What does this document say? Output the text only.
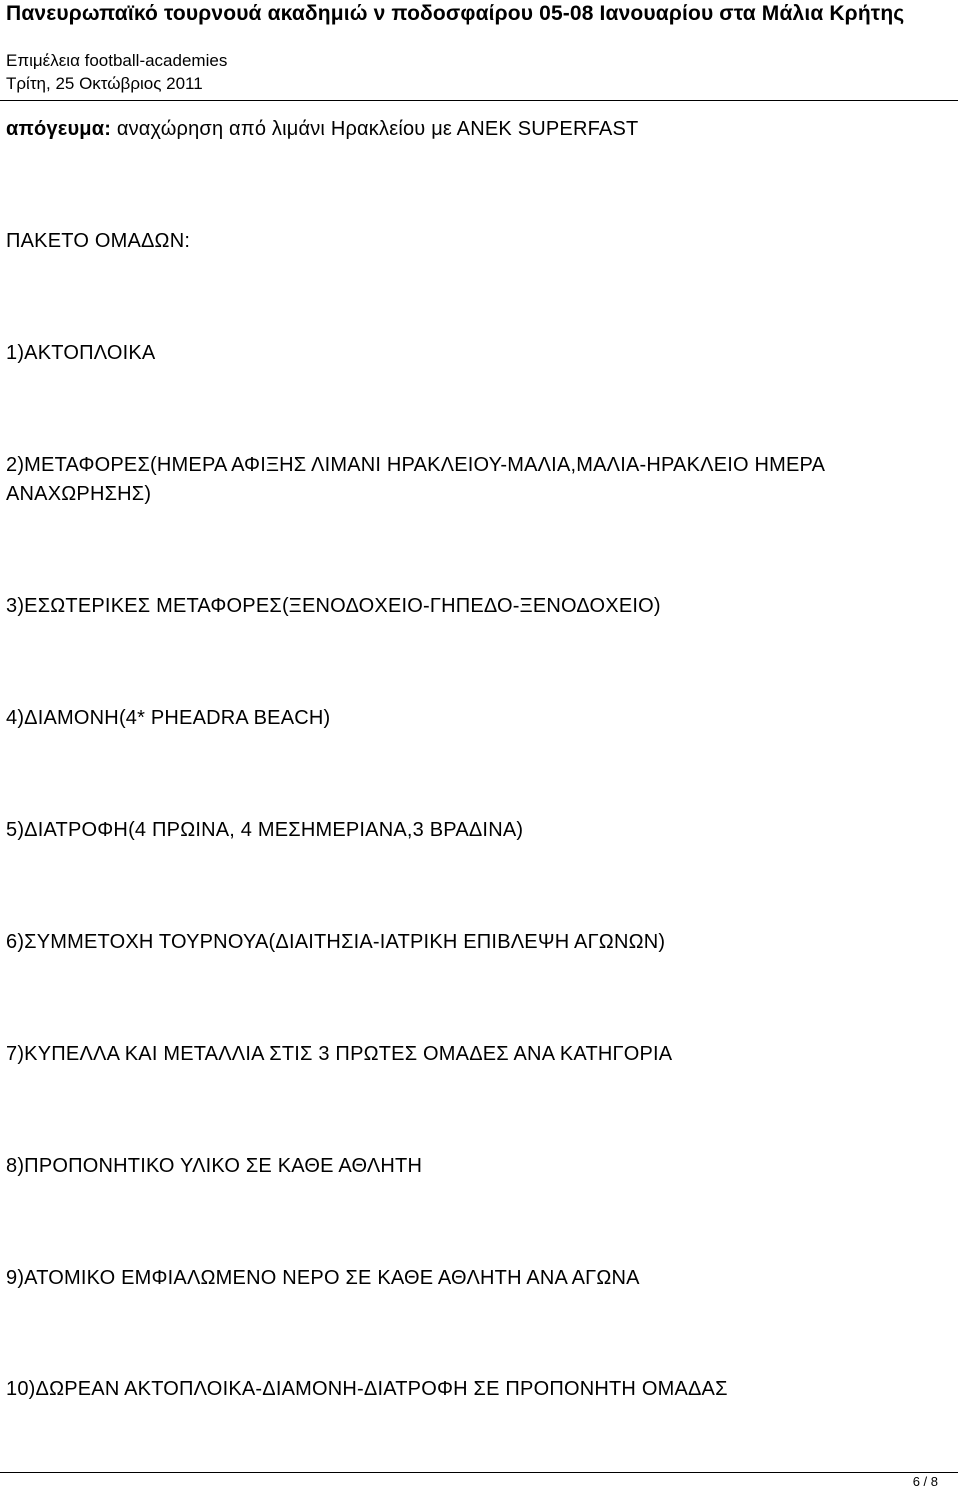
Πανευρωπαϊκό τουρνουά ακαδημιώ ν ποδοσφαίρου 05-08 Ιανουαρίου στα Μάλια Κρήτης
Επιμέλεια football-academies
Τρίτη, 25 Οκτώβριος 2011
απόγευμα: αναχώρηση από λιμάνι Ηρακλείου με ΑΝΕΚ SUPERFAST
ΠΑΚΕΤΟ ΟΜΑΔΩΝ:
1)ΑΚΤΟΠΛΟΙΚΑ
2)ΜΕΤΑΦΟΡΕΣ(ΗΜΕΡΑ ΑΦΙΞΗΣ ΛΙΜΑΝΙ ΗΡΑΚΛΕΙΟΥ-ΜΑΛΙΑ,ΜΑΛΙΑ-ΗΡΑΚΛΕΙΟ ΗΜΕΡΑ
ΑΝΑΧΩΡΗΣΗΣ)
3)ΕΣΩΤΕΡΙΚΕΣ ΜΕΤΑΦΟΡΕΣ(ΞΕΝΟΔΟΧΕΙΟ-ΓΗΠΕΔΟ-ΞΕΝΟΔΟΧΕΙΟ)
4)ΔΙΑΜΟΝΗ(4* PHEADRA BEACH)
5)ΔΙΑΤΡΟΦΗ(4 ΠΡΩΙΝΑ, 4 ΜΕΣΗΜΕΡΙΑΝΑ,3 ΒΡΑΔΙΝΑ)
6)ΣΥΜΜΕΤΟΧΗ ΤΟΥΡΝΟΥΑ(ΔΙΑΙΤΗΣΙΑ-ΙΑΤΡΙΚΗ ΕΠΙΒΛΕΨΗ ΑΓΩΝΩΝ)
7)ΚΥΠΕΛΛΑ ΚΑΙ ΜΕΤΑΛΛΙΑ ΣΤΙΣ 3 ΠΡΩΤΕΣ ΟΜΑΔΕΣ ΑΝΑ ΚΑΤΗΓΟΡΙΑ
8)ΠΡΟΠΟΝΗΤΙΚΟ ΥΛΙΚΟ ΣΕ ΚΑΘΕ ΑΘΛΗΤΗ
9)ΑΤΟΜΙΚΟ ΕΜΦΙΑΛΩΜΕΝΟ ΝΕΡΟ ΣΕ ΚΑΘΕ ΑΘΛΗΤΗ ΑΝΑ ΑΓΩΝΑ
10)ΔΩΡΕΑΝ ΑΚΤΟΠΛΟΙΚΑ-ΔΙΑΜΟΝΗ-ΔΙΑΤΡΟΦΗ ΣΕ ΠΡΟΠΟΝΗΤΗ ΟΜΑΔΑΣ
6 / 8
